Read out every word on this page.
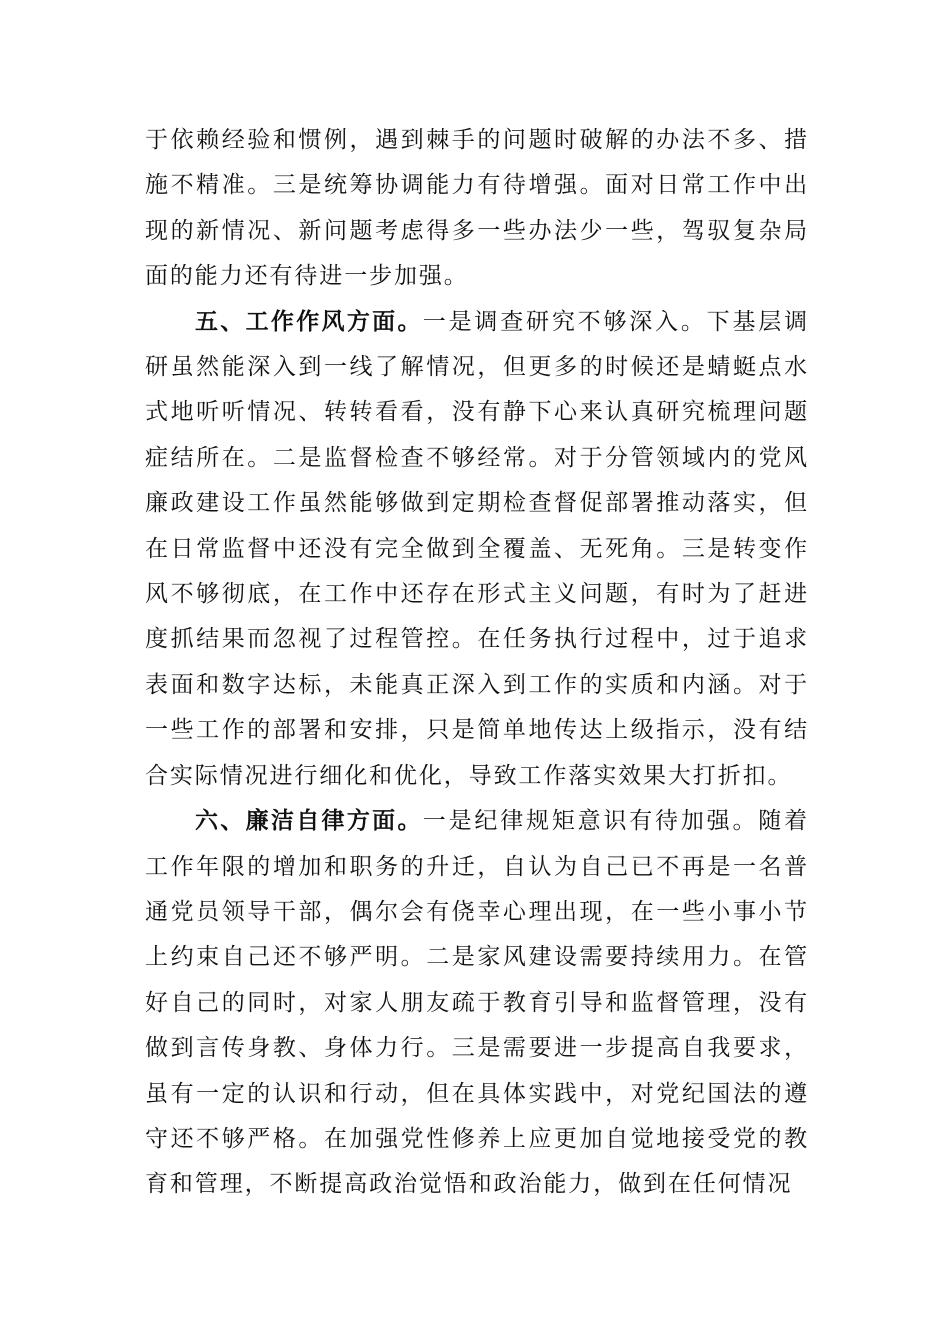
于依赖经验和惯例，遇到棘手的问题时破解的办法不多、措施不精准。三是统筹协调能力有待增强。面对日常工作中出现的新情况、新问题考虑得多一些办法少一些，驾驭复杂局面的能力还有待进一步加强。

五、工作作风方面。一是调查研究不够深入。下基层调研虽然能深入到一线了解情况，但更多的时候还是蜻蜓点水式地听听情况、转转看看，没有静下心来认真研究梳理问题症结所在。二是监督检查不够经常。对于分管领域内的党风廉政建设工作虽然能够做到定期检查督促部署推动落实，但在日常监督中还没有完全做到全覆盖、无死角。三是转变作风不够彻底，在工作中还存在形式主义问题，有时为了赶进度抓结果而忽视了过程管控。在任务执行过程中，过于追求表面和数字达标，未能真正深入到工作的实质和内涵。对于一些工作的部署和安排，只是简单地传达上级指示，没有结合实际情况进行细化和优化，导致工作落实效果大打折扣。

六、廉洁自律方面。一是纪律规矩意识有待加强。随着工作年限的增加和职务的升迁，自认为自己已不再是一名普通党员领导干部，偶尔会有侥幸心理出现，在一些小事小节上约束自己还不够严明。二是家风建设需要持续用力。在管好自己的同时，对家人朋友疏于教育引导和监督管理，没有做到言传身教、身体力行。三是需要进一步提高自我要求，虽有一定的认识和行动，但在具体实践中，对党纪国法的遵守还不够严格。在加强党性修养上应更加自觉地接受党的教育和管理，不断提高政治觉悟和政治能力，做到在任何情况
